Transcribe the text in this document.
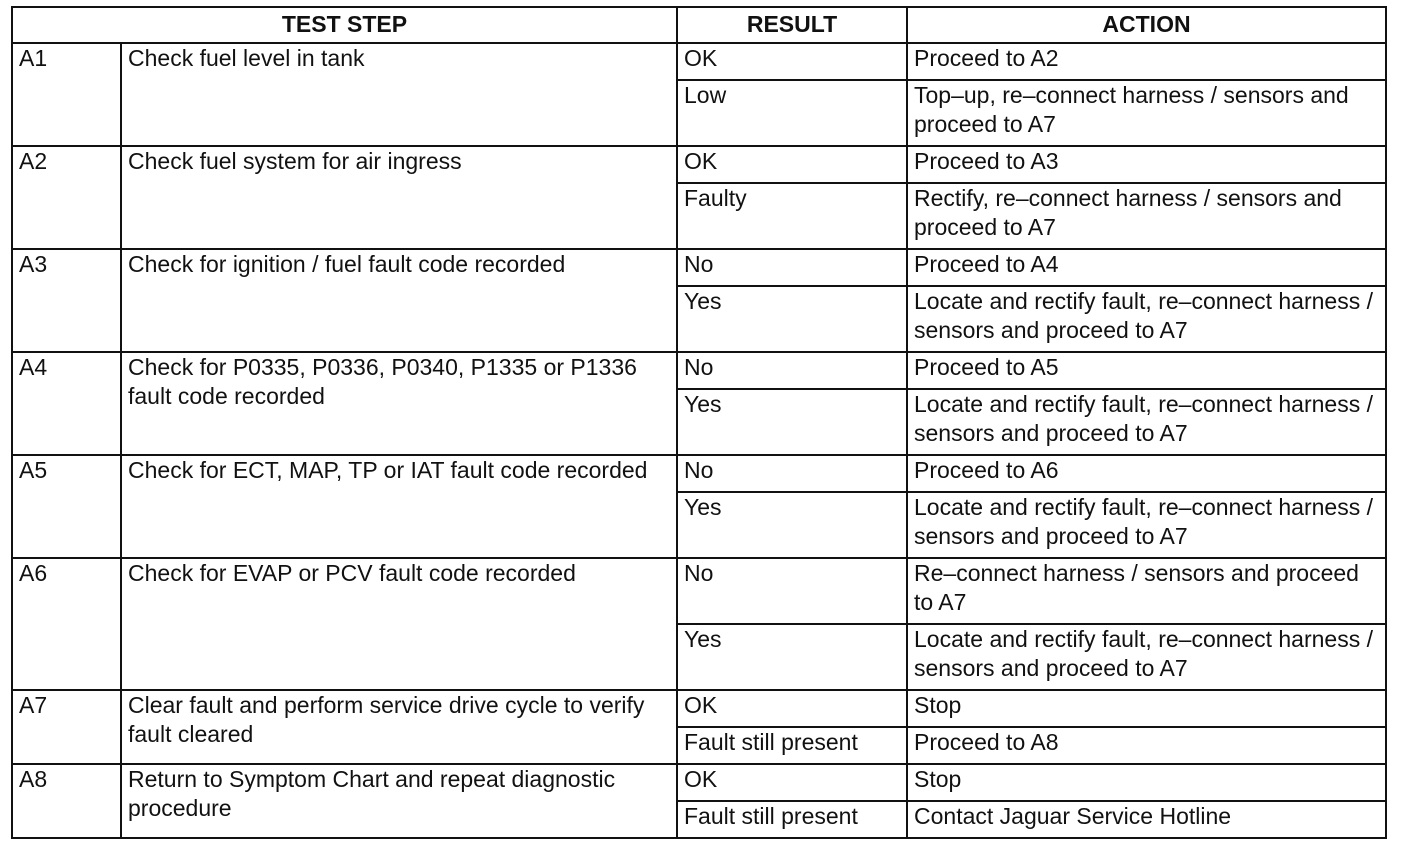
TEST STEP		RESULT	ACTION
A1	Check fuel level in tank	OK	Proceed to A2
		Low	Top–up, re–connect harness / sensors and proceed to A7
A2	Check fuel system for air ingress	OK	Proceed to A3
		Faulty	Rectify, re–connect harness / sensors and proceed to A7
A3	Check for ignition / fuel fault code recorded	No	Proceed to A4
		Yes	Locate and rectify fault, re–connect harness / sensors and proceed to A7
A4	Check for P0335, P0336, P0340, P1335 or P1336 fault code recorded	No	Proceed to A5
		Yes	Locate and rectify fault, re–connect harness / sensors and proceed to A7
A5	Check for ECT, MAP, TP or IAT fault code recorded	No	Proceed to A6
		Yes	Locate and rectify fault, re–connect harness / sensors and proceed to A7
A6	Check for EVAP or PCV fault code recorded	No	Re–connect harness / sensors and proceed to A7
		Yes	Locate and rectify fault, re–connect harness / sensors and proceed to A7
A7	Clear fault and perform service drive cycle to verify fault cleared	OK	Stop
		Fault still present	Proceed to A8
A8	Return to Symptom Chart and repeat diagnostic procedure	OK	Stop
		Fault still present	Contact Jaguar Service Hotline
